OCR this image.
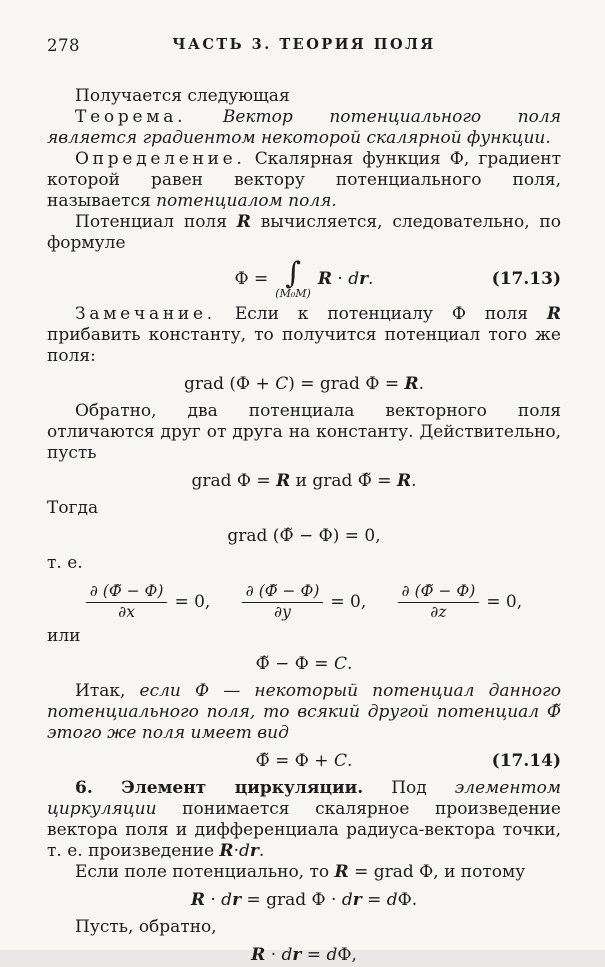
278	ЧАСТЬ 3. ТЕОРИЯ ПОЛЯ

Получается следующая

Теорема. Вектор потенциального поля является градиентом некоторой скалярной функции.

Определение. Скалярная функция Ф, градиент которой равен вектору потенциального поля, называется потенциалом поля.

Потенциал поля R вычисляется, следовательно, по формуле

Ф = ∫
(M₀M)
R · dr.	(17.13)

Замечание. Если к потенциалу Ф поля R прибавить константу, то получится потенциал того же поля:

grad (Ф + C) = grad Ф = R.

Обратно, два потенциала векторного поля отличаются друг от друга на константу. Действительно, пусть

grad Ф = R и grad Ф̃ = R.

Тогда

grad (Ф̃ − Ф) = 0,

т. е.

$\frac{\partial (Ф̃ - Ф)}{\partial x} = 0$,
$\frac{\partial (Ф̃ - Ф)}{\partial y} = 0$,
$\frac{\partial (Ф̃ - Ф)}{\partial z} = 0$,

или

Ф̃ − Ф = C.

Итак, если Ф — некоторый потенциал данного потенциального поля, то всякий другой потенциал Ф̃ этого же поля имеет вид

Ф̃ = Ф + C.	(17.14)

6. Элемент циркуляции. Под элементом циркуляции понимается скалярное произведение вектора поля и дифференциала радиуса-вектора точки, т. е. произведение R·dr.

Если поле потенциально, то R = grad Ф, и потому

R · dr = grad Ф · dr = dФ.

Пусть, обратно,

R · dr = dФ,
